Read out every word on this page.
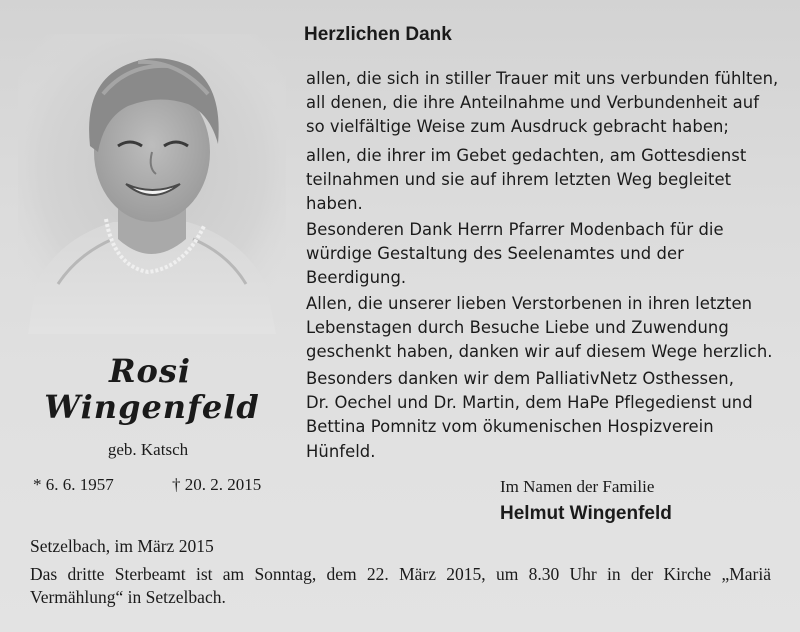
Rosi
Wingenfeld
geb. Katsch
* 6. 6. 1957	† 20. 2. 2015
Herzlichen Dank
allen, die sich in stiller Trauer mit uns verbunden fühlten,
all denen, die ihre Anteilnahme und Verbundenheit auf
so vielfältige Weise zum Ausdruck gebracht haben;
allen, die ihrer im Gebet gedachten, am Gottesdienst
teilnahmen und sie auf ihrem letzten Weg begleitet
haben.
Besonderen Dank Herrn Pfarrer Modenbach für die
würdige Gestaltung des Seelenamtes und der
Beerdigung.
Allen, die unserer lieben Verstorbenen in ihren letzten
Lebenstagen durch Besuche Liebe und Zuwendung
geschenkt haben, danken wir auf diesem Wege herzlich.
Besonders danken wir dem PalliativNetz Osthessen,
Dr. Oechel und Dr. Martin, dem HaPe Pflegedienst und
Bettina Pomnitz vom ökumenischen Hospizverein
Hünfeld.
Im Namen der Familie
Helmut Wingenfeld
Setzelbach, im März 2015
Das dritte Sterbeamt ist am Sonntag, dem 22. März 2015, um 8.30 Uhr in der Kirche „Mariä Vermählung“ in Setzelbach.
